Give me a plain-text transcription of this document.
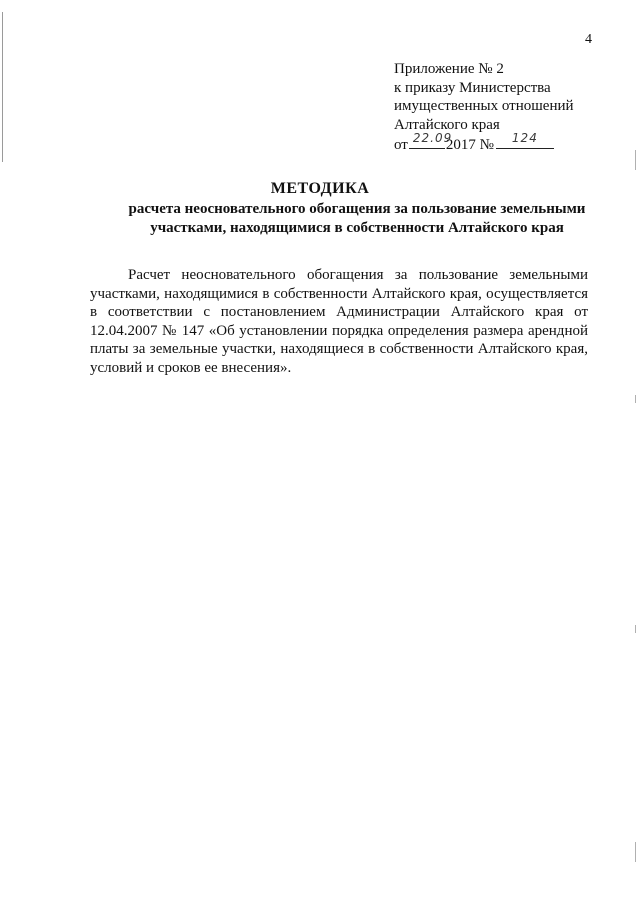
4
Приложение № 2
к приказу Министерства
имущественных отношений
Алтайского края
от 22.09
2017 № 124
МЕТОДИКА
расчета неосновательного обогащения за пользование земельными
участками, находящимися в собственности Алтайского края

Расчет неосновательного обогащения за пользование земельными участками, находящимися в собственности Алтайского края, осуществляется в соответствии с постановлением Администрации Алтайского края от 12.04.2007 № 147 «Об установлении порядка определения размера арендной платы за земельные участки, находящиеся в собственности Алтайского края, условий и сроков ее внесения».
